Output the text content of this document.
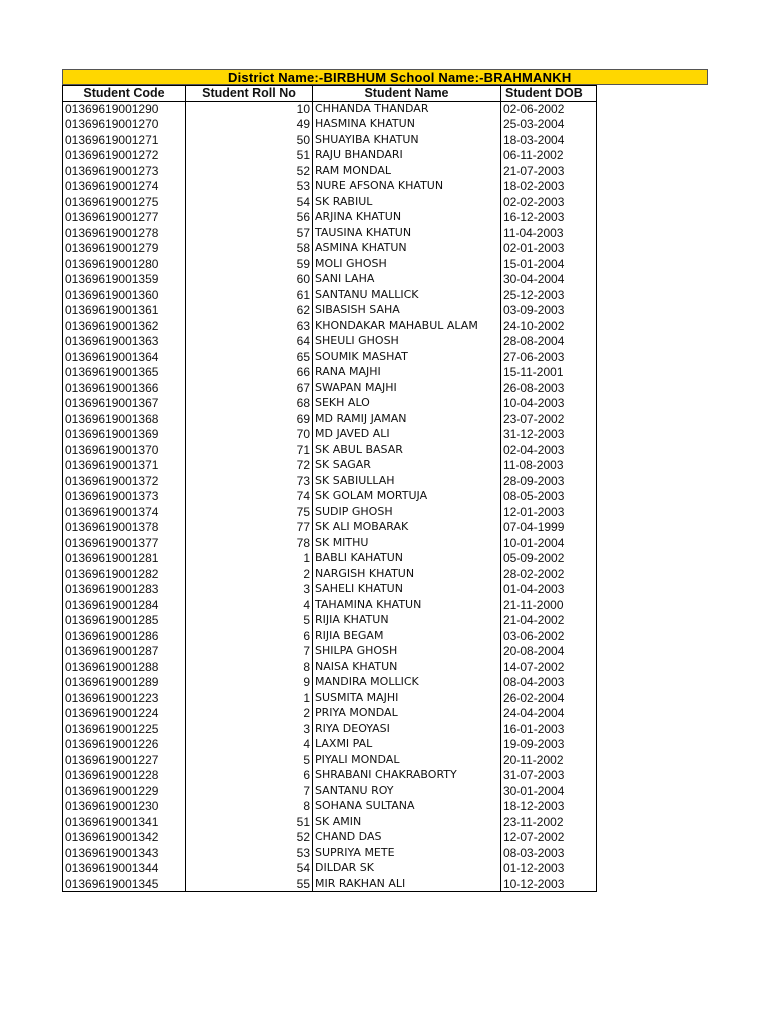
District Name:-BIRBHUM School Name:-BRAHMANKH
Student Code	Student Roll No	Student Name	Student DOB
01369619001290	10	CHHANDA THANDAR	02-06-2002
01369619001270	49	HASMINA KHATUN	25-03-2004
01369619001271	50	SHUAYIBA KHATUN	18-03-2004
01369619001272	51	RAJU BHANDARI	06-11-2002
01369619001273	52	RAM MONDAL	21-07-2003
01369619001274	53	NURE AFSONA KHATUN	18-02-2003
01369619001275	54	SK RABIUL	02-02-2003
01369619001277	56	ARJINA KHATUN	16-12-2003
01369619001278	57	TAUSINA KHATUN	11-04-2003
01369619001279	58	ASMINA KHATUN	02-01-2003
01369619001280	59	MOLI GHOSH	15-01-2004
01369619001359	60	SANI LAHA	30-04-2004
01369619001360	61	SANTANU MALLICK	25-12-2003
01369619001361	62	SIBASISH SAHA	03-09-2003
01369619001362	63	KHONDAKAR MAHABUL ALAM	24-10-2002
01369619001363	64	SHEULI GHOSH	28-08-2004
01369619001364	65	SOUMIK MASHAT	27-06-2003
01369619001365	66	RANA MAJHI	15-11-2001
01369619001366	67	SWAPAN MAJHI	26-08-2003
01369619001367	68	SEKH ALO	10-04-2003
01369619001368	69	MD RAMIJ JAMAN	23-07-2002
01369619001369	70	MD JAVED ALI	31-12-2003
01369619001370	71	SK ABUL BASAR	02-04-2003
01369619001371	72	SK SAGAR	11-08-2003
01369619001372	73	SK SABIULLAH	28-09-2003
01369619001373	74	SK GOLAM MORTUJA	08-05-2003
01369619001374	75	SUDIP GHOSH	12-01-2003
01369619001378	77	SK ALI MOBARAK	07-04-1999
01369619001377	78	SK MITHU	10-01-2004
01369619001281	1	BABLI KAHATUN	05-09-2002
01369619001282	2	NARGISH KHATUN	28-02-2002
01369619001283	3	SAHELI KHATUN	01-04-2003
01369619001284	4	TAHAMINA KHATUN	21-11-2000
01369619001285	5	RIJIA KHATUN	21-04-2002
01369619001286	6	RIJIA BEGAM	03-06-2002
01369619001287	7	SHILPA GHOSH	20-08-2004
01369619001288	8	NAISA KHATUN	14-07-2002
01369619001289	9	MANDIRA MOLLICK	08-04-2003
01369619001223	1	SUSMITA MAJHI	26-02-2004
01369619001224	2	PRIYA MONDAL	24-04-2004
01369619001225	3	RIYA DEOYASI	16-01-2003
01369619001226	4	LAXMI PAL	19-09-2003
01369619001227	5	PIYALI MONDAL	20-11-2002
01369619001228	6	SHRABANI CHAKRABORTY	31-07-2003
01369619001229	7	SANTANU ROY	30-01-2004
01369619001230	8	SOHANA SULTANA	18-12-2003
01369619001341	51	SK AMIN	23-11-2002
01369619001342	52	CHAND DAS	12-07-2002
01369619001343	53	SUPRIYA METE	08-03-2003
01369619001344	54	DILDAR SK	01-12-2003
01369619001345	55	MIR RAKHAN ALI	10-12-2003
